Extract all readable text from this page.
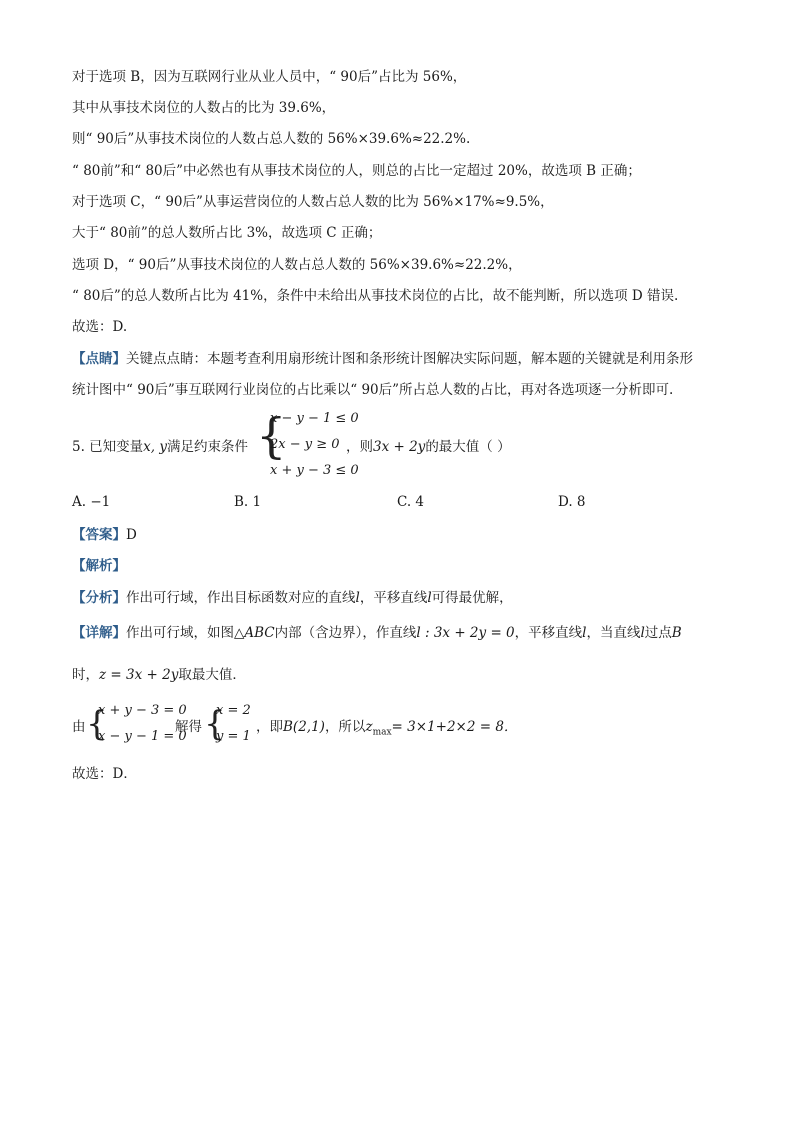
对于选项 B，因为互联网行业从业人员中，“ 90后”占比为 56%，
其中从事技术岗位的人数占的比为 39.6%，
则“ 90后”从事技术岗位的人数占总人数的 56%×39.6%≈22.2%.
“ 80前”和“ 80后”中必然也有从事技术岗位的人，则总的占比一定超过 20%，故选项 B 正确；
对于选项 C，“ 90后”从事运营岗位的人数占总人数的比为 56%×17%≈9.5%，
大于“ 80前”的总人数所占比 3%，故选项 C 正确；
选项 D，“ 90后”从事技术岗位的人数占总人数的 56%×39.6%≈22.2%，
“ 80后”的总人数所占比为 41%，条件中未给出从事技术岗位的占比，故不能判断，所以选项 D 错误.
故选：D.
【点睛】关键点点睛：本题考查利用扇形统计图和条形统计图解决实际问题，解本题的关键就是利用条形
统计图中“ 90后”事互联网行业岗位的占比乘以“ 90后”所占总人数的占比，再对各选项逐一分析即可.
5. 已知变量x, y满足约束条件 {
x − y − 1 ≤ 0
2x − y ≥ 0
x + y − 3 ≤ 0
，则3x + 2y的最大值（ ）
A. −1	B. 1	C. 4	D. 8
【答案】D
【解析】
【分析】作出可行域，作出目标函数对应的直线l，平移直线l可得最优解，
【详解】作出可行域，如图△ABC内部（含边界），作直线l : 3x + 2y = 0，平移直线l，当直线l过点B
时，z = 3x + 2y取最大值．
由 {
x + y − 3 = 0
x − y − 1 = 0
解得 {
x = 2
y = 1
，即B(2,1)，所以$z_{max}= 3\times 1+2\times 2 = 8$．
故选：D．
